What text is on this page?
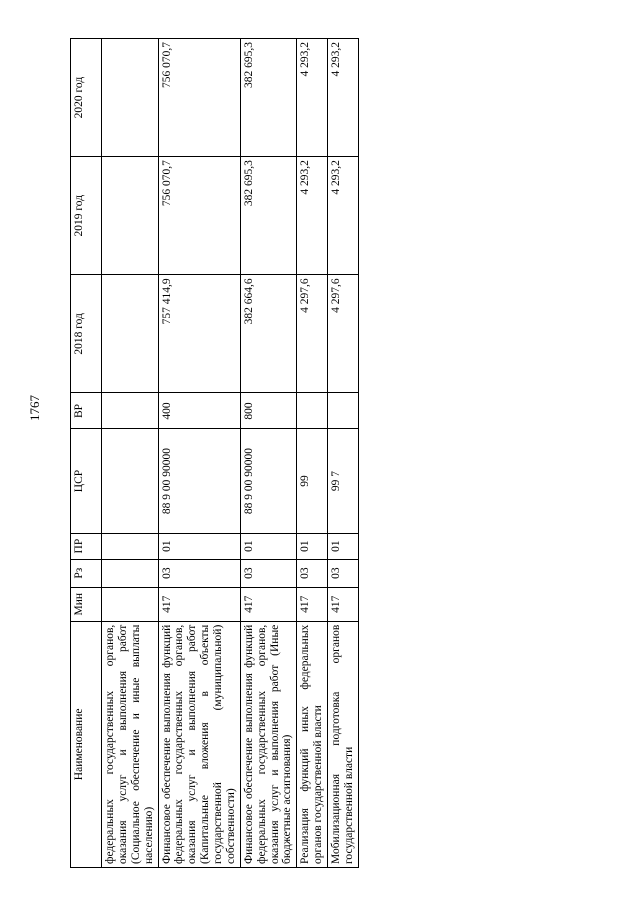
1767
Наименование	Мин	Рз	ПР	ЦСР	ВР	2018 год	2019 год	2020 год
федеральных государственных органов, оказания услуг и выполнения работ (Социальное обеспечение и иные выплаты населению)								
Финансовое обеспечение выполнения функций федеральных государственных органов, оказания услуг и выполнения работ (Капитальные вложения в объекты государственной (муниципальной) собственности)	417	03	01	88 9 00 90000	400	757 414,9	756 070,7	756 070,7
Финансовое обеспечение выполнения функций федеральных государственных органов, оказания услуг и выполнения работ (Иные бюджетные ассигнования)	417	03	01	88 9 00 90000	800	382 664,6	382 695,3	382 695,3
Реализация функций иных федеральных органов государственной власти	417	03	01	99		4 297,6	4 293,2	4 293,2
Мобилизационная подготовка органов государственной власти	417	03	01	99 7		4 297,6	4 293,2	4 293,2
